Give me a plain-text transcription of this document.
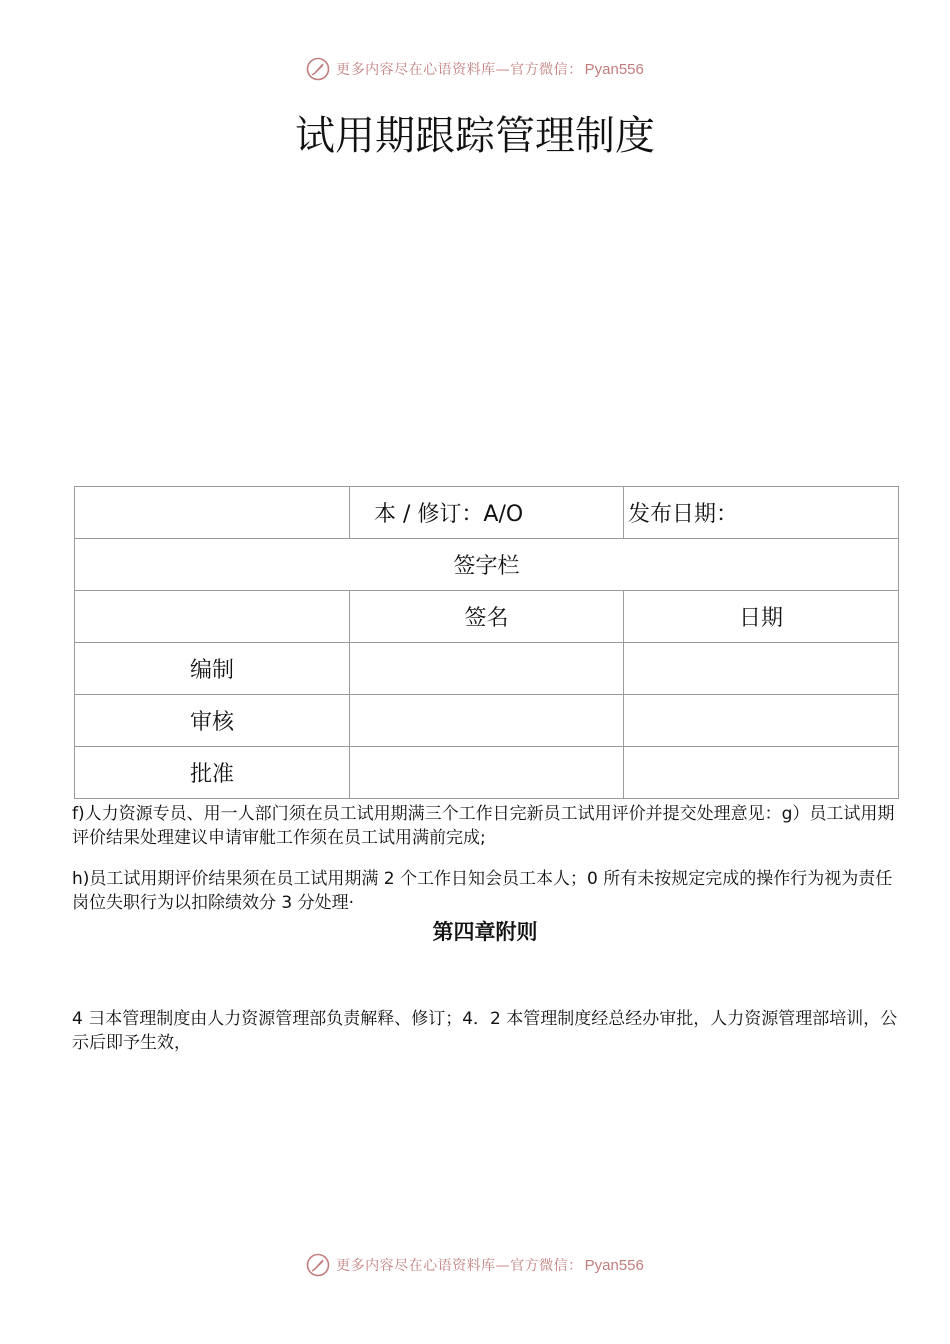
更多内容尽在心语资料库—官方微信： Pyan556
试用期跟踪管理制度
	本 / 修订：A/O	发布日期：
签字栏		
	签名	日期
编制		
审核		
批准		

f)人力资源专员、用一人部门须在员工试用期满三个工作日完新员工试用评价并提交处理意见：g）员工试用期评价结果处理建议申请审舭工作须在员工试用满前完成;

h)员工试用期评价结果须在员工试用期满 2 个工作日知会员工本人；0 所有未按规定完成的操作行为视为责任岗位失职行为以扣除绩效分 3 分处理·

第四章附则

4 彐本管理制度由人力资源管理部负责解释、修订；4．2 本管理制度经总经办审批，人力资源管理部培训，公示后即予生效，

更多内容尽在心语资料库—官方微信： Pyan556
